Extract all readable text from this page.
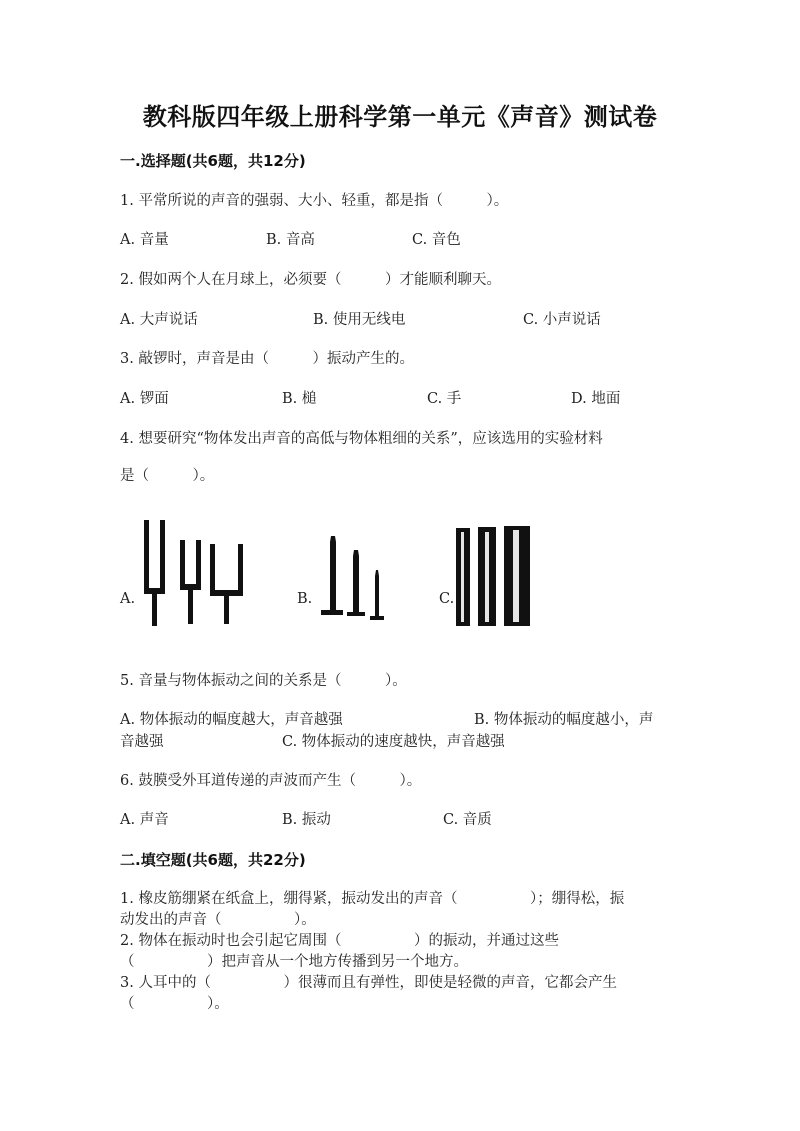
教科版四年级上册科学第一单元《声音》测试卷
一.选择题(共6题，共12分)
1. 平常所说的声音的强弱、大小、轻重，都是指（　　　）。
A. 音量	B. 音高	C. 音色
2. 假如两个人在月球上，必须要（　　　）才能顺利聊天。
A. 大声说话	B. 使用无线电	C. 小声说话
3. 敲锣时，声音是由（　　　）振动产生的。
A. 锣面	B. 槌	C. 手	D. 地面
4. 想要研究“物体发出声音的高低与物体粗细的关系”，应该选用的实验材料
是（　　　）。
A.	B.	C.
5. 音量与物体振动之间的关系是（　　　）。
A. 物体振动的幅度越大，声音越强	B. 物体振动的幅度越小，声
音越强	C. 物体振动的速度越快，声音越强
6. 鼓膜受外耳道传递的声波而产生（　　　）。
A. 声音	B. 振动	C. 音质
二.填空题(共6题，共22分)
1. 橡皮筋绷紧在纸盒上，绷得紧，振动发出的声音（　　　　　）；绷得松，振
动发出的声音（　　　　　）。
2. 物体在振动时也会引起它周围（　　　　　）的振动，并通过这些
（　　　　　）把声音从一个地方传播到另一个地方。
3. 人耳中的（　　　　　）很薄而且有弹性，即使是轻微的声音，它都会产生
（　　　　　）。
